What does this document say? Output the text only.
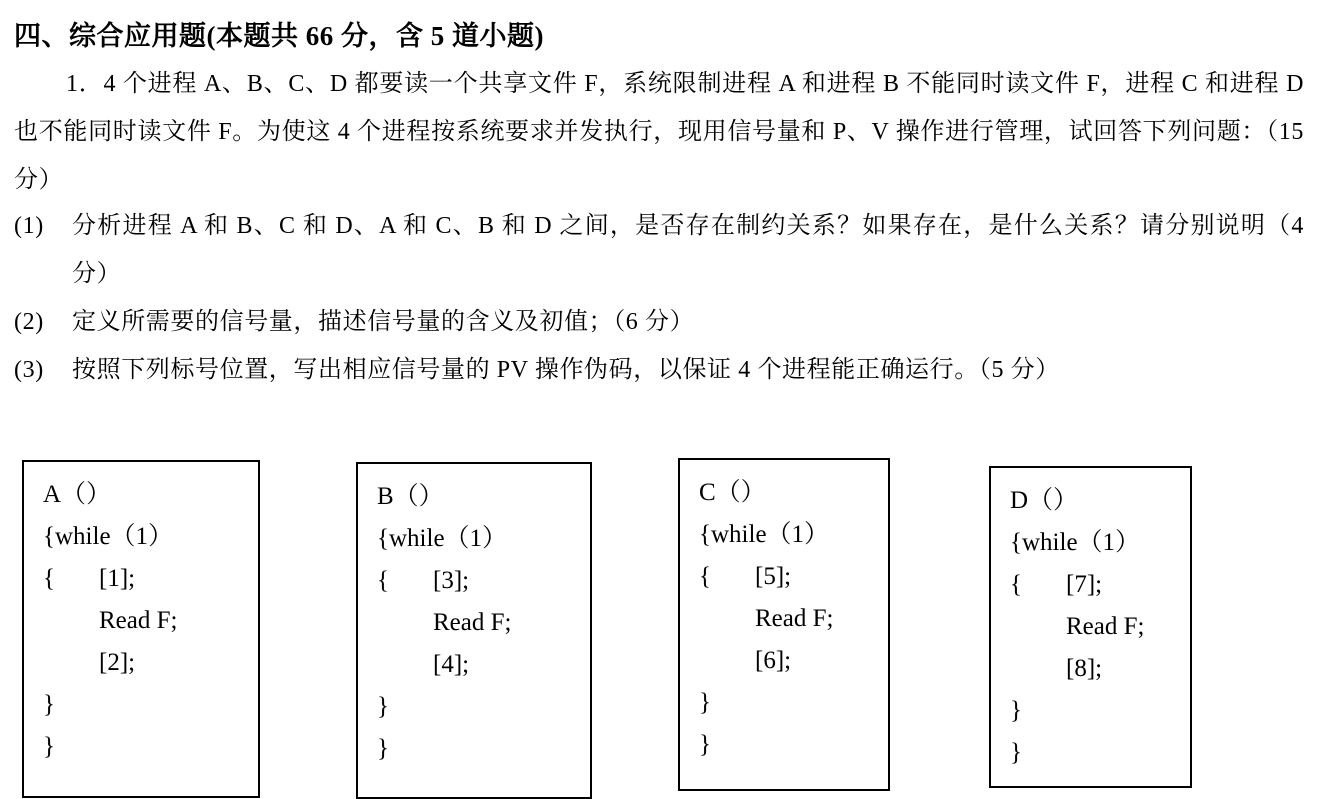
四、综合应用题(本题共 66 分，含 5 道小题)
1．4 个进程 A、B、C、D 都要读一个共享文件 F，系统限制进程 A 和进程 B 不能同时读文件 F，进程 C 和进程 D 也不能同时读文件 F。为使这 4 个进程按系统要求并发执行，现用信号量和 P、V 操作进行管理，试回答下列问题：（15 分）
(1) 分析进程 A 和 B、C 和 D、A 和 C、B 和 D 之间，是否存在制约关系？如果存在，是什么关系？请分别说明（4 分）
(2) 定义所需要的信号量，描述信号量的含义及初值；（6 分）
(3) 按照下列标号位置，写出相应信号量的 PV 操作伪码，以保证 4 个进程能正确运行。（5 分）
A（）
{while（1）
{ [1];
Read F;
[2];
}
}
B（）
{while（1）
{ [3];
Read F;
[4];
}
}
C（）
{while（1）
{ [5];
Read F;
[6];
}
}
D（）
{while（1）
{ [7];
Read F;
[8];
}
}
